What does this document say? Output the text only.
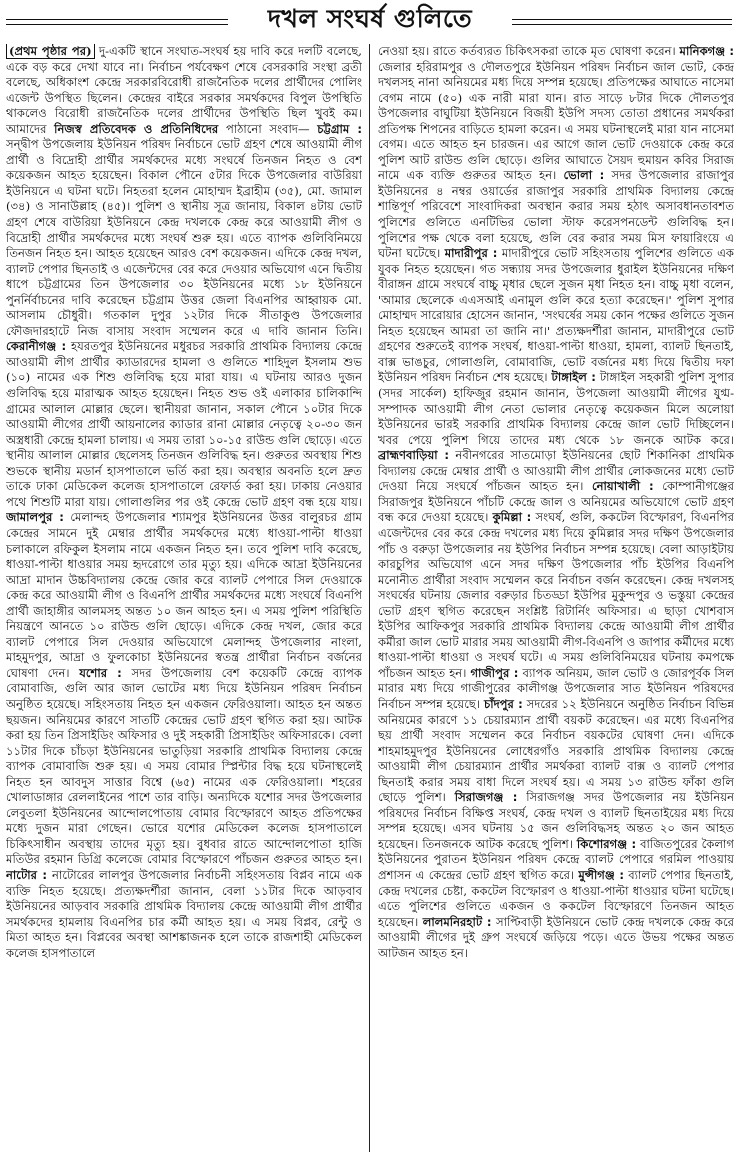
দখল সংঘর্ষ গুলিতে

(প্রথম পৃষ্ঠার পর) দু-একটি স্থানে সংঘাত-সংঘর্ষ হয় দাবি করে দলটি বলেছে, একে বড় করে দেখা যাবে না। নির্বাচন পর্যবেক্ষণ শেষে বেসরকারি সংস্থা ব্রতী বলেছে, অধিকাংশ কেন্দ্রে সরকারবিরোধী রাজনৈতিক দলের প্রার্থীদের পোলিং এজেন্ট উপস্থিত ছিলেন। কেন্দ্রের বাইরে সরকার সমর্থকদের বিপুল উপস্থিতি থাকলেও বিরোধী রাজনৈতিক দলের প্রার্থীদের উপস্থিতি ছিল খুবই কম। আমাদের নিজস্ব প্রতিবেদক ও প্রতিনিধিদের পাঠানো সংবাদ— চট্টগ্রাম : সন্দ্বীপ উপজেলায় ইউনিয়ন পরিষদ নির্বাচনে ভোট গ্রহণ শেষে আওয়ামী লীগ প্রার্থী ও বিদ্রোহী প্রার্থীর সমর্থকদের মধ্যে সংঘর্ষে তিনজন নিহত ও বেশ কয়েকজন আহত হয়েছেন। বিকাল পৌনে ৫টার দিকে উপজেলার বাউরিয়া ইউনিয়নে এ ঘটনা ঘটে। নিহতরা হলেন মোহাম্মদ ইব্রাহীম (৩৫), মো. জামাল (৩৪) ও সানাউল্লাহ (৪৫)। পুলিশ ও স্থানীয় সূত্র জানায়, বিকাল ৪টায় ভোট গ্রহণ শেষে বাউরিয়া ইউনিয়নে কেন্দ্র দখলকে কেন্দ্র করে আওয়ামী লীগ ও বিদ্রোহী প্রার্থীর সমর্থকদের মধ্যে সংঘর্ষ শুরু হয়। এতে ব্যাপক গুলিবিনিময়ে তিনজন নিহত হন। আহত হয়েছেন আরও বেশ কয়েকজন। এদিকে কেন্দ্র দখল, ব্যালট পেপার ছিনতাই ও এজেন্টদের বের করে দেওয়ার অভিযোগ এনে দ্বিতীয় ধাপে চট্টগ্রামের তিন উপজেলার ৩০ ইউনিয়নের মধ্যে ১৮ ইউনিয়নে পুনর্নির্বাচনের দাবি করেছেন চট্টগ্রাম উত্তর জেলা বিএনপির আহ্বায়ক মো. আসলাম চৌধুরী। গতকাল দুপুর ১২টার দিকে সীতাকুণ্ড উপজেলার ফৌজদারহাটে নিজ বাসায় সংবাদ সম্মেলন করে এ দাবি জানান তিনি। কেরানীগঞ্জ : হযরতপুর ইউনিয়নের মধুরচর সরকারি প্রাথমিক বিদ্যালয় কেন্দ্রে আওয়ামী লীগ প্রার্থীর ক্যাডারদের হামলা ও গুলিতে শাহিদুল ইসলাম শুভ (১০) নামের এক শিশু গুলিবিদ্ধ হয়ে মারা যায়। এ ঘটনায় আরও দুজন গুলিবিদ্ধ হয়ে মারাত্মক আহত হয়েছেন। নিহত শুভ ওই এলাকার চালিকান্দি গ্রামের আলাল মোল্লার ছেলে। স্থানীয়রা জানান, সকাল পৌনে ১০টার দিকে আওয়ামী লীগের প্রার্থী আয়নালের ক্যাডার রানা মোল্লার নেতৃত্বে ২০-৩০ জন অস্ত্রধারী কেন্দ্রে হামলা চালায়। এ সময় তারা ১০-১৫ রাউন্ড গুলি ছোড়ে। এতে স্থানীয় আলাল মোল্লার ছেলেসহ তিনজন গুলিবিদ্ধ হন। গুরুতর অবস্থায় শিশু শুভকে স্থানীয় মডার্ন হাসপাতালে ভর্তি করা হয়। অবস্থার অবনতি হলে দ্রুত তাকে ঢাকা মেডিকেল কলেজ হাসপাতালে রেফার্ড করা হয়। ঢাকায় নেওয়ার পথে শিশুটি মারা যায়। গোলাগুলির পর ওই কেন্দ্রে ভোট গ্রহণ বন্ধ হয়ে যায়। জামালপুর : মেলান্দহ উপজেলার শ্যামপুর ইউনিয়নের উত্তর বালুরচর গ্রাম কেন্দ্রের সামনে দুই মেম্বার প্রার্থীর সমর্থকদের মধ্যে ধাওয়া-পাল্টা ধাওয়া চলাকালে রফিকুল ইসলাম নামে একজন নিহত হন। তবে পুলিশ দাবি করেছে, ধাওয়া-পাল্টা ধাওয়ার সময় হৃদরোগে তার মৃত্যু হয়। এদিকে আদ্রা ইউনিয়নের আদ্রা মাদান উচ্চবিদ্যালয় কেন্দ্রে জোর করে ব্যালট পেপারে সিল দেওয়াকে কেন্দ্র করে আওয়ামী লীগ ও বিএনপি প্রার্থীর সমর্থকদের মধ্যে সংঘর্ষে বিএনপি প্রার্থী জাহাঙ্গীর আলমসহ অন্তত ১০ জন আহত হন। এ সময় পুলিশ পরিস্থিতি নিয়ন্ত্রণে আনতে ১০ রাউন্ড গুলি ছোড়ে। এদিকে কেন্দ্র দখল, জোর করে ব্যালট পেপারে সিল দেওয়ার অভিযোগে মেলান্দহ উপজেলার নাংলা, মাহমুদপুর, আদ্রা ও ফুলকোচা ইউনিয়নের স্বতন্ত্র প্রার্থীরা নির্বাচন বর্জনের ঘোষণা দেন। যশোর : সদর উপজেলায় বেশ কয়েকটি কেন্দ্রে ব্যাপক বোমাবাজি, গুলি আর জাল ভোটের মধ্য দিয়ে ইউনিয়ন পরিষদ নির্বাচন অনুষ্ঠিত হয়েছে। সহিংসতায় নিহত হন একজন ফেরিওয়ালা। আহত হন অন্তত ছয়জন। অনিয়মের কারণে সাতটি কেন্দ্রের ভোট গ্রহণ স্থগিত করা হয়। আটক করা হয় তিন প্রিসাইডিং অফিসার ও দুই সহকারী প্রিসাইডিং অফিসারকে। বেলা ১১টার দিকে চাঁচড়া ইউনিয়নের ভাতুড়িয়া সরকারি প্রাথমিক বিদ্যালয় কেন্দ্রে ব্যাপক বোমাবাজি শুরু হয়। এ সময় বোমার স্প্লিন্টার বিদ্ধ হয়ে ঘটনাস্থলেই নিহত হন আবদুস সাত্তার বিশ্বে (৬৫) নামের এক ফেরিওয়ালা। শহরের খোলাডাঙ্গার রেললাইনের পাশে তার বাড়ি। অন্যদিকে যশোর সদর উপজেলার লেবুতলা ইউনিয়নের আন্দোলপোতায় বোমার বিস্ফোরণে আহত প্রতিপক্ষের মধ্যে দুজন মারা গেছেন। ভোরে যশোর মেডিকেল কলেজ হাসপাতালে চিকিৎসাধীন অবস্থায় তাদের মৃত্যু হয়। বুধবার রাতে আন্দোলপোতা হাজি মতিউর রহমান ডিগ্রি কলেজে বোমার বিস্ফোরণে পাঁচজন গুরুতর আহত হন। নাটোর : নাটোরের লালপুর উপজেলার নির্বাচনী সহিংসতায় বিপ্লব নামে এক ব্যক্তি নিহত হয়েছে। প্রত্যক্ষদর্শীরা জানান, বেলা ১১টার দিকে আড়বাব ইউনিয়নের আড়বাব সরকারি প্রাথমিক বিদ্যালয় কেন্দ্রে আওয়ামী লীগ প্রার্থীর সমর্থকদের হামলায় বিএনপির চার কর্মী আহত হয়। এ সময় বিপ্লব, রেন্টু ও মিতা আহত হন। বিপ্লবের অবস্থা আশঙ্কাজনক হলে তাকে রাজশাহী মেডিকেল কলেজ হাসপাতালে

নেওয়া হয়। রাতে কর্তব্যরত চিকিৎসকরা তাকে মৃত ঘোষণা করেন। মানিকগঞ্জ : জেলার হরিরামপুর ও দৌলতপুরে ইউনিয়ন পরিষদ নির্বাচন জাল ভোট, কেন্দ্র দখলসহ নানা অনিয়মের মধ্য দিয়ে সম্পন্ন হয়েছে। প্রতিপক্ষের আঘাতে নাসেমা বেগম নামে (৫০) এক নারী মারা যান। রাত সাড়ে ৮টার দিকে দৌলতপুর উপজেলার বাঘুটিয়া ইউনিয়নে বিজয়ী ইউপি সদস্য তোতা প্রধানের সমর্থকরা প্রতিপক্ষ শিপনের বাড়িতে হামলা করেন। এ সময় ঘটনাস্থলেই মারা যান নাসেমা বেগম। এতে আহত হন চারজন। এর আগে জাল ভোট দেওয়াকে কেন্দ্র করে পুলিশ আট রাউন্ড গুলি ছোড়ে। গুলির আঘাতে সৈয়দ হুমায়ন কবির সিরাজ নামে এক ব্যক্তি গুরুতর আহত হন। ভোলা : সদর উপজেলার রাজাপুর ইউনিয়নের ৪ নম্বর ওয়ার্ডের রাজাপুর সরকারি প্রাথমিক বিদ্যালয় কেন্দ্রে শান্তিপূর্ণ পরিবেশে সাংবাদিকরা অবস্থান করার সময় হঠাৎ অসাবধানতাবশত পুলিশের গুলিতে এনটিভির ভোলা স্টাফ করেসপনডেন্ট গুলিবিদ্ধ হন। পুলিশের পক্ষ থেকে বলা হয়েছে, গুলি বের করার সময় মিস ফায়ারিংয়ে এ ঘটনা ঘটেছে। মাদারীপুর : মাদারীপুরে ভোট সহিংসতায় পুলিশের গুলিতে এক যুবক নিহত হয়েছেন। গত সন্ধ্যায় সদর উপজেলার ধুরাইল ইউনিয়নের দক্ষিণ বীরাঙ্গন গ্রামে সংঘর্ষে বাচ্চু মৃধার ছেলে সুজন মৃধা নিহত হন। বাচ্চু মৃধা বলেন, 'আমার ছেলেকে এএসআই এনামুল গুলি করে হত্যা করেছেন।' পুলিশ সুপার মোহাম্মদ সারোয়ার হোসেন জানান, 'সংঘর্ষের সময় কোন পক্ষের গুলিতে সুজন নিহত হয়েছেন আমরা তা জানি না।' প্রত্যক্ষদর্শীরা জানান, মাদারীপুরে ভোট গ্রহণের শুরুতেই ব্যাপক সংঘর্ষ, ধাওয়া-পাল্টা ধাওয়া, হামলা, ব্যালট ছিনতাই, বাক্স ভাঙচুর, গোলাগুলি, বোমাবাজি, ভোট বর্জনের মধ্য দিয়ে দ্বিতীয় দফা ইউনিয়ন পরিষদ নির্বাচন শেষ হয়েছে। টাঙ্গাইল : টাঙ্গাইল সহকারী পুলিশ সুপার (সদর সার্কেল) হাফিজুর রহমান জানান, উপজেলা আওয়ামী লীগের যুগ্ম-সম্পাদক আওয়ামী লীগ নেতা ভোলার নেতৃত্বে কয়েকজন মিলে অলোয়া ইউনিয়নের ভারই সরকারি প্রাথমিক বিদ্যালয় কেন্দ্রে জাল ভোট দিচ্ছিলেন। খবর পেয়ে পুলিশ গিয়ে তাদের মধ্য থেকে ১৮ জনকে আটক করে। ব্রাহ্মণবাড়িয়া : নবীনগরের সাতমোড়া ইউনিয়নের ছোট শিকানিকা প্রাথমিক বিদ্যালয় কেন্দ্রে মেম্বার প্রার্থী ও আওয়ামী লীগ প্রার্থীর লোকজনের মধ্যে ভোট দেওয়া নিয়ে সংঘর্ষে পাঁচজন আহত হন। নোয়াখালী : কোম্পানীগঞ্জের সিরাজপুর ইউনিয়নে পাঁচটি কেন্দ্রে জাল ও অনিয়মের অভিযোগে ভোট গ্রহণ বন্ধ করে দেওয়া হয়েছে। কুমিল্লা : সংঘর্ষ, গুলি, ককটেল বিস্ফোরণ, বিএনপির এজেন্টদের বের করে কেন্দ্র দখলের মধ্য দিয়ে কুমিল্লার সদর দক্ষিণ উপজেলার পাঁচ ও বরুড়া উপজেলার নয় ইউপির নির্বাচন সম্পন্ন হয়েছে। বেলা আড়াইটায় কারচুপির অভিযোগ এনে সদর দক্ষিণ উপজেলার পাঁচ ইউপির বিএনপি মনোনীত প্রার্থীরা সংবাদ সম্মেলন করে নির্বাচন বর্জন করেছেন। কেন্দ্র দখলসহ সংঘর্ষের ঘটনায় জেলার বরুড়ার চিতড্ডা ইউপির মুকুন্দপুর ও ভস্তুয়া কেন্দ্রের ভোট গ্রহণ স্থগিত করেছেন সংশ্লিষ্ট রিটার্নিং অফিসার। এ ছাড়া খোশবাস ইউপির আফিকপুর সরকারি প্রাথমিক বিদ্যালয় কেন্দ্রে আওয়ামী লীগ প্রার্থীর কর্মীরা জাল ভোট মারার সময় আওয়ামী লীগ-বিএনপি ও জাপার কর্মীদের মধ্যে ধাওয়া-পাল্টা ধাওয়া ও সংঘর্ষ ঘটে। এ সময় গুলিবিনিময়ের ঘটনায় কমপক্ষে পাঁচজন আহত হন। গাজীপুর : ব্যাপক অনিয়ম, জাল ভোট ও জোরপূর্বক সিল মারার মধ্য দিয়ে গাজীপুরের কালীগঞ্জ উপজেলার সাত ইউনিয়ন পরিষদের নির্বাচন সম্পন্ন হয়েছে। চাঁদপুর : সদরের ১২ ইউনিয়নে অনুষ্ঠিত নির্বাচন বিভিন্ন অনিয়মের কারণে ১১ চেয়ারম্যান প্রার্থী বয়কট করেছেন। এর মধ্যে বিএনপির ছয় প্রার্থী সংবাদ সম্মেলন করে নির্বাচন বয়কটের ঘোষণা দেন। এদিকে শাহমাহমুদপুর ইউনিয়নের লোধেরগাঁও সরকারি প্রাথমিক বিদ্যালয় কেন্দ্রে আওয়ামী লীগ চেয়ারম্যান প্রার্থীর সমর্থকরা ব্যালট বাক্স ও ব্যালট পেপার ছিনতাই করার সময় বাধা দিলে সংঘর্ষ হয়। এ সময় ১৩ রাউন্ড ফাঁকা গুলি ছোড়ে পুলিশ। সিরাজগঞ্জ : সিরাজগঞ্জ সদর উপজেলার নয় ইউনিয়ন পরিষদের নির্বাচন বিক্ষিপ্ত সংঘর্ষ, কেন্দ্র দখল ও ব্যালট ছিনতাইয়ের মধ্য দিয়ে সম্পন্ন হয়েছে। এসব ঘটনায় ১৫ জন গুলিবিদ্ধসহ অন্তত ২০ জন আহত হয়েছেন। তিনজনকে আটক করেছে পুলিশ। কিশোরগঞ্জ : বাজিতপুরের কৈলাগ ইউনিয়নের পুরাতন ইউনিয়ন পরিষদ কেন্দ্রে ব্যালট পেপারে গরমিল পাওয়ায় প্রশাসন এ কেন্দ্রের ভোট গ্রহণ স্থগিত করে। মুন্সীগঞ্জ : ব্যালট পেপার ছিনতাই, কেন্দ্র দখলের চেষ্টা, ককটেল বিস্ফোরণ ও ধাওয়া-পাল্টা ধাওয়ার ঘটনা ঘটেছে। এতে পুলিশের গুলিতে একজন ও ককটেল বিস্ফোরণে তিনজন আহত হয়েছেন। লালমনিরহাট : সাপ্টিবাড়ী ইউনিয়নে ভোট কেন্দ্র দখলকে কেন্দ্র করে আওয়ামী লীগের দুই গ্রুপ সংঘর্ষে জড়িয়ে পড়ে। এতে উভয় পক্ষের অন্তত আটজন আহত হন।
